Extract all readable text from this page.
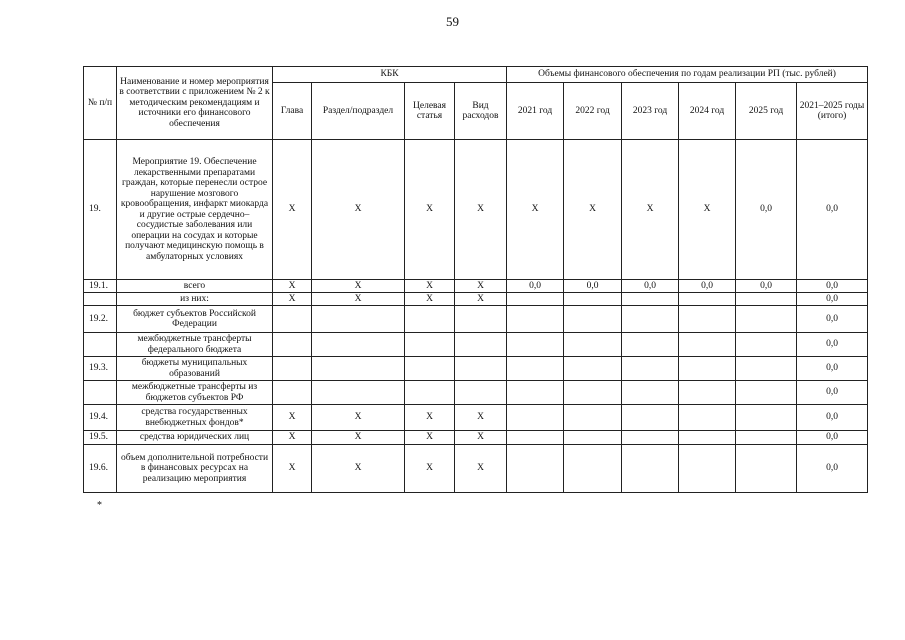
59
№ п/п	Наименование и номер мероприятия в соответствии с приложением № 2 к методическим рекомендациям и источники его финансового обеспечения	КБК				Объемы финансового обеспечения по годам реализации РП (тыс. рублей)					
		Глава	Раздел/подраздел	Целевая статья	Вид расходов	2021 год	2022 год	2023 год	2024 год	2025 год	2021–2025 годы (итого)
19.	Мероприятие 19. Обеспечение лекарственными препаратами граждан, которые перенесли острое нарушение мозгового кровообращения, инфаркт миокарда и другие острые сердечно–сосудистые заболевания или операции на сосудах и которые получают медицинскую помощь в амбулаторных условиях	X	X	X	X	X	X	X	X	0,0	0,0
19.1.	всего	X	X	X	X	0,0	0,0	0,0	0,0	0,0	0,0
	из них:	X	X	X	X						0,0
19.2.	бюджет субъектов Российской Федерации										0,0
	межбюджетные трансферты федерального бюджета										0,0
19.3.	бюджеты муниципальных образований										0,0
	межбюджетные трансферты из бюджетов субъектов РФ										0,0
19.4.	средства государственных внебюджетных фондов*	X	X	X	X						0,0
19.5.	средства юридических лиц	X	X	X	X						0,0
19.6.	объем дополнительной потребности в финансовых ресурсах на реализацию мероприятия	X	X	X	X						0,0
*
